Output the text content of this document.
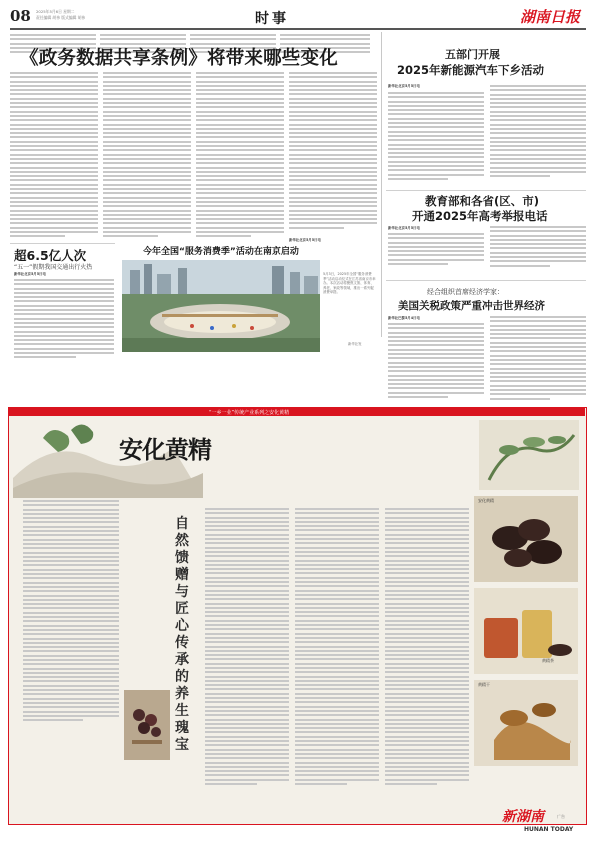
08 2025年5月6日 星期二
责任编辑 胡祎 版式编辑 胡祎	时事	湖南日报
《政务数据共享条例》将带来哪些变化
新华社北京5月5日电
五部门开展
2025年新能源汽车下乡活动
新华社北京5月5日电
教育部和各省(区、市)
开通2025年高考举报电话
新华社北京5月5日电
超6.5亿人次
“五一”假期我国交通出行火热
新华社北京5月5日电
今年全国“服务消费季”活动在南京启动
5月3日，2025年全国“服务消费季”活动启动仪式在江苏省南京市举办。本次活动将聚焦文旅、体育、养老、家政等领域，推出一系列促消费举措。
新华社发
经合组织首席经济学家：
美国关税政策严重冲击世界经济
新华社巴黎5月4日电
“一乡一业”传统产业系列之安化黄精
安化黄精
自然馈赠与匠心传承的养生瑰宝
安化黄精
黄精茶
黄精干
广告
新湖南
HUNAN TODAY
